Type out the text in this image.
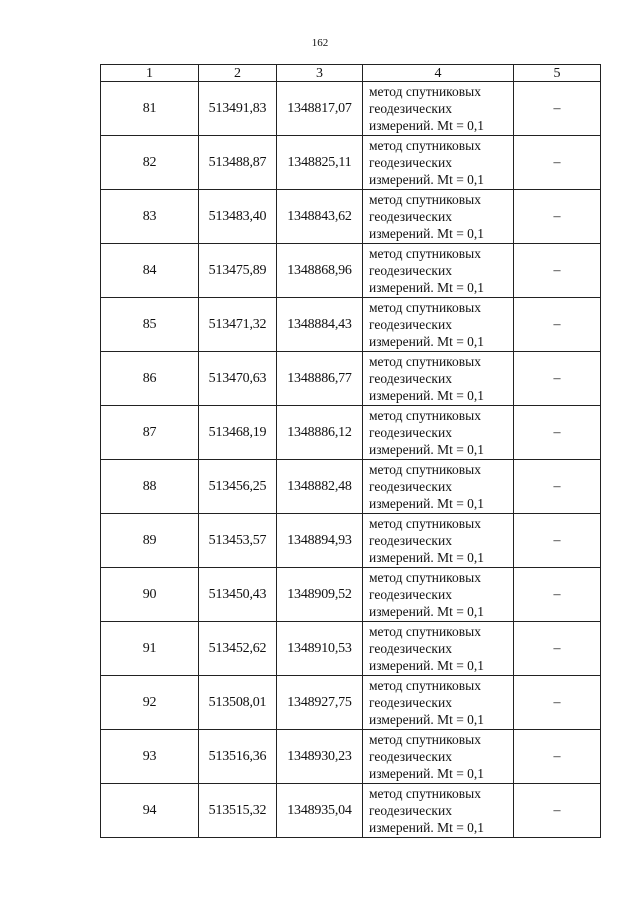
162
1	2	3	4	5
81	513491,83	1348817,07	метод спутниковых
геодезических
измерений. Mt = 0,1	–
82	513488,87	1348825,11	метод спутниковых
геодезических
измерений. Mt = 0,1	–
83	513483,40	1348843,62	метод спутниковых
геодезических
измерений. Mt = 0,1	–
84	513475,89	1348868,96	метод спутниковых
геодезических
измерений. Mt = 0,1	–
85	513471,32	1348884,43	метод спутниковых
геодезических
измерений. Mt = 0,1	–
86	513470,63	1348886,77	метод спутниковых
геодезических
измерений. Mt = 0,1	–
87	513468,19	1348886,12	метод спутниковых
геодезических
измерений. Mt = 0,1	–
88	513456,25	1348882,48	метод спутниковых
геодезических
измерений. Mt = 0,1	–
89	513453,57	1348894,93	метод спутниковых
геодезических
измерений. Mt = 0,1	–
90	513450,43	1348909,52	метод спутниковых
геодезических
измерений. Mt = 0,1	–
91	513452,62	1348910,53	метод спутниковых
геодезических
измерений. Mt = 0,1	–
92	513508,01	1348927,75	метод спутниковых
геодезических
измерений. Mt = 0,1	–
93	513516,36	1348930,23	метод спутниковых
геодезических
измерений. Mt = 0,1	–
94	513515,32	1348935,04	метод спутниковых
геодезических
измерений. Mt = 0,1	–
